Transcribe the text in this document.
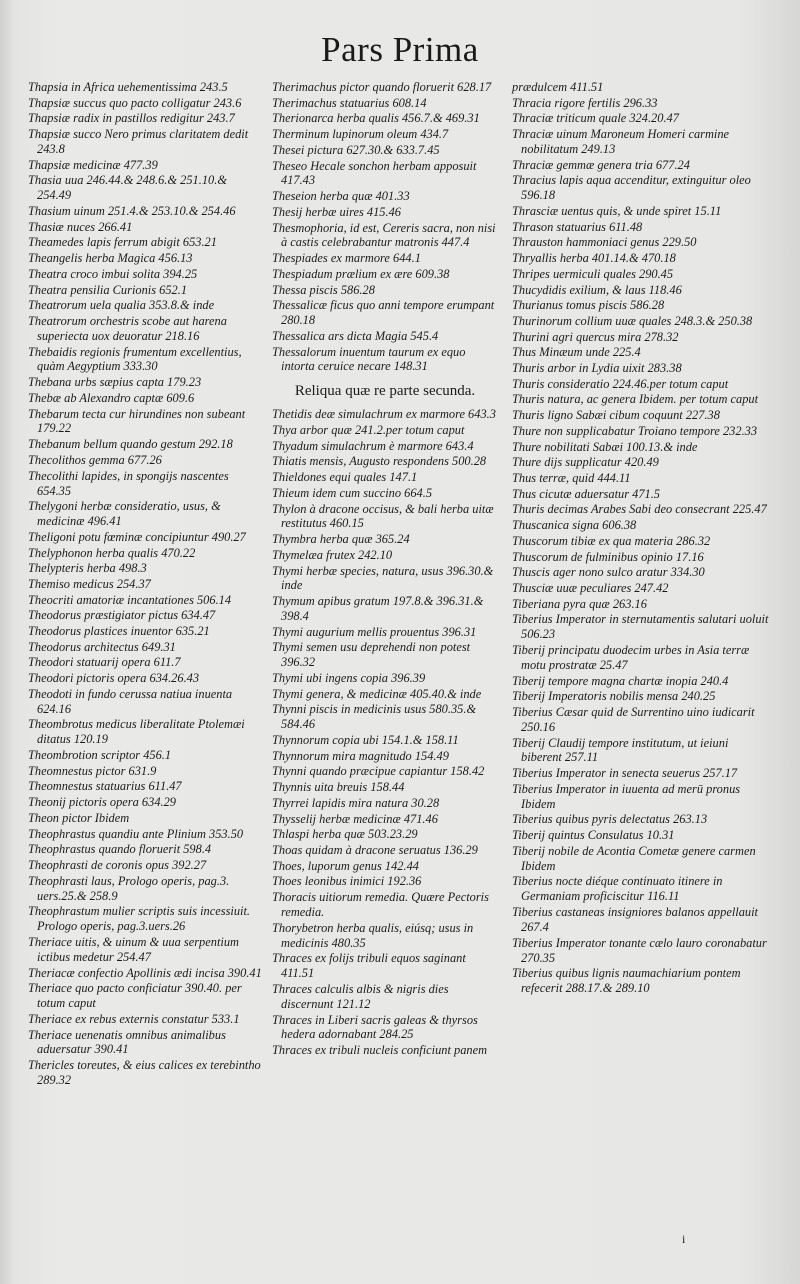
Pars Prima
Thapsia in Africa uehementissima 243.5
Thapsiæ succus quo pacto colligatur 243.6
Thapsiæ radix in pastillos redigitur 243.7
Thapsiæ succo Nero primus claritatem dedit 243.8
Thapsiæ medicinæ 477.39
Thasia uua 246.44.& 248.6.& 251.10.& 254.49
Thasium uinum 251.4.& 253.10.& 254.46
Thasiæ nuces 266.41
Theamedes lapis ferrum abigit 653.21
Theangelis herba Magica 456.13
Theatra croco imbui solita 394.25
Theatra pensilia Curionis 652.1
Theatrorum uela qualia 353.8.& inde
Theatrorum orchestris scobe aut harena superiecta uox deuoratur 218.16
Thebaidis regionis frumentum excellentius, quàm Aegyptium 333.30
Thebana urbs sæpius capta 179.23
Thebæ ab Alexandro captæ 609.6
Thebarum tecta cur hirundines non subeant 179.22
Thebanum bellum quando gestum 292.18
Thecolithos gemma 677.26
Thecolithi lapides, in spongijs nascentes 654.35
Thelygoni herbæ consideratio, usus, & medicinæ 496.41
Theligoni potu fœminæ concipiuntur 490.27
Thelyphonon herba qualis 470.22
Thelypteris herba 498.3
Themiso medicus 254.37
Theocriti amatoriæ incantationes 506.14
Theodorus præstigiator pictus 634.47
Theodorus plastices inuentor 635.21
Theodorus architectus 649.31
Theodori statuarij opera 611.7
Theodori pictoris opera 634.26.43
Theodoti in fundo cerussa natiua inuenta 624.16
Theombrotus medicus liberalitate Ptolemæi ditatus 120.19
Theombrotion scriptor 456.1
Theomnestus pictor 631.9
Theomnestus statuarius 611.47
Theonij pictoris opera 634.29
Theon pictor Ibidem
Theophrastus quandiu ante Plinium 353.50
Theophrastus quando floruerit 598.4
Theophrasti de coronis opus 392.27
Theophrasti laus, Prologo operis, pag.3. uers.25.& 258.9
Theophrastum mulier scriptis suis incessiuit. Prologo operis, pag.3.uers.26
Theriace uitis, & uinum & uua serpentium ictibus medetur 254.47
Theriacæ confectio Apollinis ædi incisa 390.41
Theriace quo pacto conficiatur 390.40. per totum caput
Theriace ex rebus externis constatur 533.1
Theriace uenenatis omnibus animalibus aduersatur 390.41
Thericles toreutes, & eius calices ex terebintho 289.32
Therimachus pictor quando floruerit 628.17
Therimachus statuarius 608.14
Therionarca herba qualis 456.7.& 469.31
Therminum lupinorum oleum 434.7
Thesei pictura 627.30.& 633.7.45
Theseo Hecale sonchon herbam apposuit 417.43
Theseion herba quæ 401.33
Thesij herbæ uires 415.46
Thesmophoria, id est, Cereris sacra, non nisi à castis celebrabantur matronis 447.4
Thespiades ex marmore 644.1
Thespiadum prælium ex ære 609.38
Thessa piscis 586.28
Thessalicæ ficus quo anni tempore erumpant 280.18
Thessalica ars dicta Magia 545.4
Thessalorum inuentum taurum ex equo intorta ceruice necare 148.31
Reliqua quæ re parte secunda.
Thetidis deæ simulachrum ex marmore 643.3
Thya arbor quæ 241.2.per totum caput
Thyadum simulachrum è marmore 643.4
Thiatis mensis, Augusto respondens 500.28
Thieldones equi quales 147.1
Thieum idem cum succino 664.5
Thylon à dracone occisus, & bali herba uitæ restitutus 460.15
Thymbra herba quæ 365.24
Thymelæa frutex 242.10
Thymi herbæ species, natura, usus 396.30.& inde
Thymum apibus gratum 197.8.& 396.31.& 398.4
Thymi augurium mellis prouentus 396.31
Thymi semen usu deprehendi non potest 396.32
Thymi ubi ingens copia 396.39
Thymi genera, & medicinæ 405.40.& inde
Thynni piscis in medicinis usus 580.35.& 584.46
Thynnorum copia ubi 154.1.& 158.11
Thynnorum mira magnitudo 154.49
Thynni quando præcipue capiantur 158.42
Thynnis uita breuis 158.44
Thyrrei lapidis mira natura 30.28
Thysselij herbæ medicinæ 471.46
Thlaspi herba quæ 503.23.29
Thoas quidam à dracone seruatus 136.29
Thoes, luporum genus 142.44
Thoes leonibus inimici 192.36
Thoracis uitiorum remedia. Quære Pectoris remedia.
Thorybetron herba qualis, eiúsq; usus in medicinis 480.35
Thraces ex folijs tribuli equos saginant 411.51
Thraces calculis albis & nigris dies discernunt 121.12
Thraces in Liberi sacris galeas & thyrsos hedera adornabant 284.25
Thraces ex tribuli nucleis conficiunt panem
prædulcem 411.51
Thracia rigore fertilis 296.33
Thraciæ triticum quale 324.20.47
Thraciæ uinum Maroneum Homeri carmine nobilitatum 249.13
Thraciæ gemmæ genera tria 677.24
Thracius lapis aqua accenditur, extinguitur oleo 596.18
Thrasciæ uentus quis, & unde spiret 15.11
Thrason statuarius 611.48
Thrauston hammoniaci genus 229.50
Thryallis herba 401.14.& 470.18
Thripes uermiculi quales 290.45
Thucydidis exilium, & laus 118.46
Thurianus tomus piscis 586.28
Thurinorum collium uuæ quales 248.3.& 250.38
Thurini agri quercus mira 278.32
Thus Minæum unde 225.4
Thuris arbor in Lydia uixit 283.38
Thuris consideratio 224.46.per totum caput
Thuris natura, ac genera Ibidem. per totum caput
Thuris ligno Sabæi cibum coquunt 227.38
Thure non supplicabatur Troiano tempore 232.33
Thure nobilitati Sabæi 100.13.& inde
Thure dijs supplicatur 420.49
Thus terræ, quid 444.11
Thus cicutæ aduersatur 471.5
Thuris decimas Arabes Sabi deo consecrant 225.47
Thuscanica signa 606.38
Thuscorum tibiæ ex qua materia 286.32
Thuscorum de fulminibus opinio 17.16
Thuscis ager nono sulco aratur 334.30
Thusciæ uuæ peculiares 247.42
Tiberiana pyra quæ 263.16
Tiberius Imperator in sternutamentis salutari uoluit 506.23
Tiberij principatu duodecim urbes in Asia terræ motu prostratæ 25.47
Tiberij tempore magna chartæ inopia 240.4
Tiberij Imperatoris nobilis mensa 240.25
Tiberius Cæsar quid de Surrentino uino iudicarit 250.16
Tiberij Claudij tempore institutum, ut ieiuni biberent 257.11
Tiberius Imperator in senecta seuerus 257.17
Tiberius Imperator in iuuenta ad merū pronus Ibidem
Tiberius quibus pyris delectatus 263.13
Tiberij quintus Consulatus 10.31
Tiberij nobile de Acontia Cometæ genere carmen Ibidem
Tiberius nocte diéque continuato itinere in Germaniam proficiscitur 116.11
Tiberius castaneas insigniores balanos appellauit 267.4
Tiberius Imperator tonante cælo lauro coronabatur 270.35
Tiberius quibus lignis naumachiarium pontem refecerit 288.17.& 289.10
i
